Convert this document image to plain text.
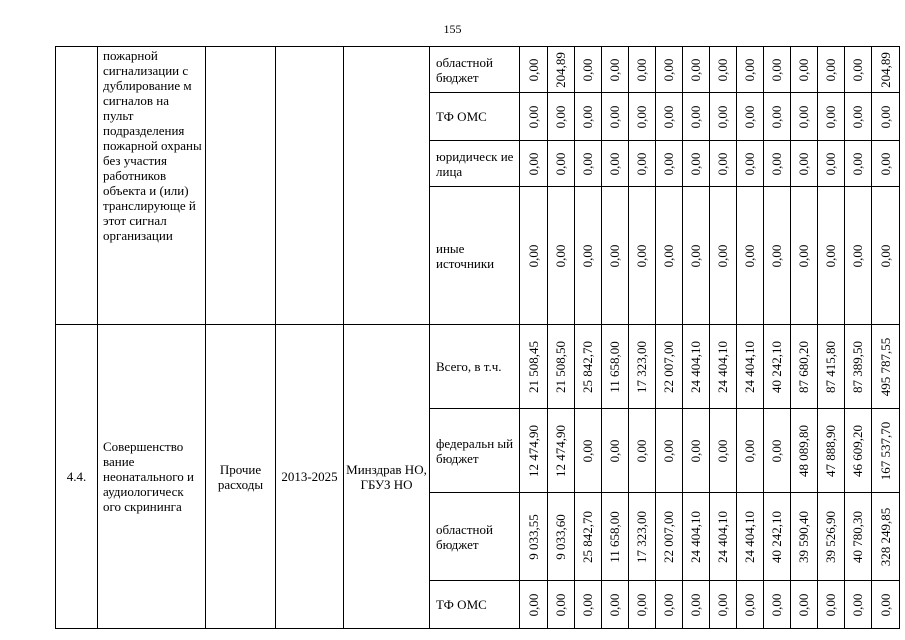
155
	пожарной сигнализации с дублирование м сигналов на пульт подразделения пожарной охраны без участия работников объекта и (или) транслирующе й этот сигнал организации				областной бюджет	0,00	204,89	0,00	0,00	0,00	0,00	0,00	0,00	0,00	0,00	0,00	0,00	0,00	204,89

					ТФ ОМС	0,00	0,00	0,00	0,00	0,00	0,00	0,00	0,00	0,00	0,00	0,00	0,00	0,00	0,00

					юридическ ие лица	0,00	0,00	0,00	0,00	0,00	0,00	0,00	0,00	0,00	0,00	0,00	0,00	0,00	0,00

					иные источники	0,00	0,00	0,00	0,00	0,00	0,00	0,00	0,00	0,00	0,00	0,00	0,00	0,00	0,00

4.4.	Совершенство вание неонатального и аудиологическ ого скрининга	Прочие расходы	2013-2025	Минздрав НО, ГБУЗ НО	Всего, в т.ч.	21 508,45	21 508,50	25 842,70	11 658,00	17 323,00	22 007,00	24 404,10	24 404,10	24 404,10	40 242,10	87 680,20	87 415,80	87 389,50	495 787,55

					федеральн ый бюджет	12 474,90	12 474,90	0,00	0,00	0,00	0,00	0,00	0,00	0,00	0,00	48 089,80	47 888,90	46 609,20	167 537,70

					областной бюджет	9 033,55	9 033,60	25 842,70	11 658,00	17 323,00	22 007,00	24 404,10	24 404,10	24 404,10	40 242,10	39 590,40	39 526,90	40 780,30	328 249,85

					ТФ ОМС	0,00	0,00	0,00	0,00	0,00	0,00	0,00	0,00	0,00	0,00	0,00	0,00	0,00	0,00
